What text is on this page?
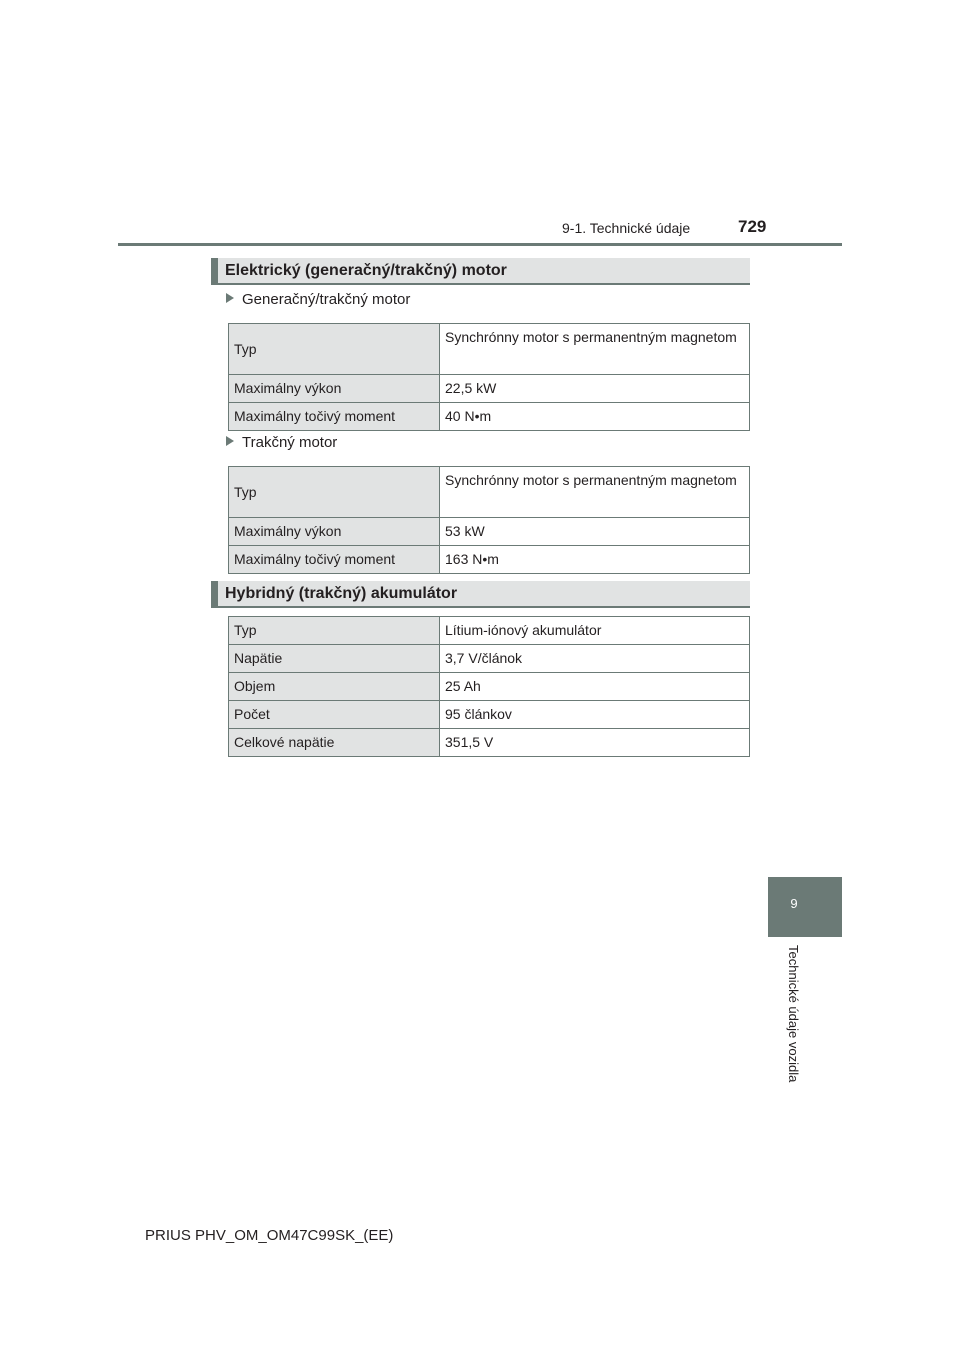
9-1. Technické údaje	729
9
Technické údaje vozidla
Elektrický (generačný/trakčný) motor
Generačný/trakčný motor
Typ	Synchrónny motor s permanentným magnetom
Maximálny výkon	22,5 kW
Maximálny točivý moment	40 N•m
Trakčný motor
Typ	Synchrónny motor s permanentným magnetom
Maximálny výkon	53 kW
Maximálny točivý moment	163 N•m
Hybridný (trakčný) akumulátor
Typ	Lítium-iónový akumulátor
Napätie	3,7 V/článok
Objem	25 Ah
Počet	95 článkov
Celkové napätie	351,5 V
PRIUS PHV_OM_OM47C99SK_(EE)
